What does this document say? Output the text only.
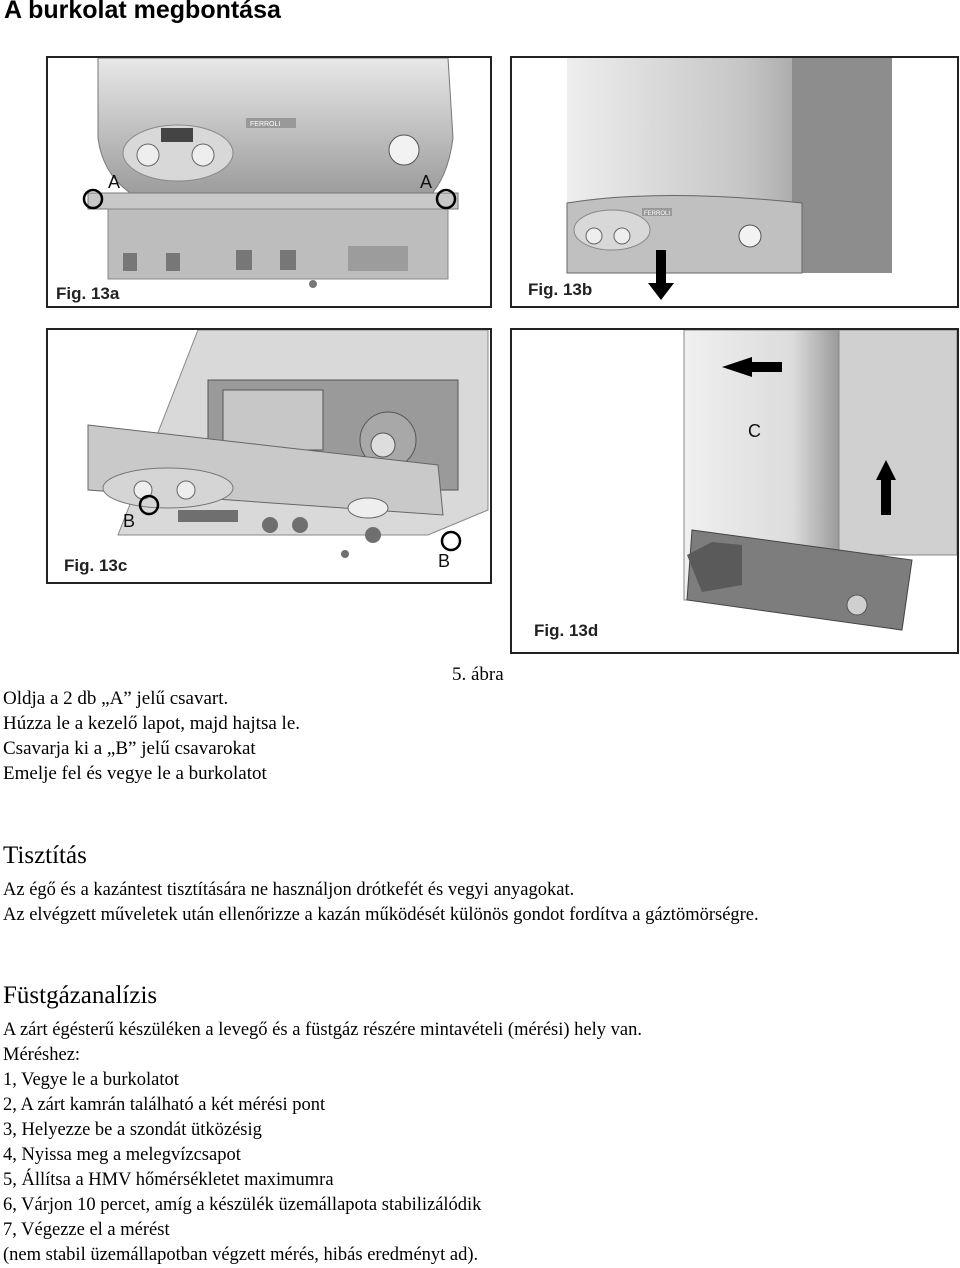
A burkolat megbontása
FERROLI
A	A
Fig. 13a
FERROLI
Fig. 13b
B
B
Fig. 13c
C
Fig. 13d
5. ábra
Oldja a 2 db „A” jelű csavart.
Húzza le a kezelő lapot, majd hajtsa le.
Csavarja ki a „B” jelű csavarokat
Emelje fel és vegye le a burkolatot
Tisztítás
Az égő és a kazántest tisztítására ne használjon drótkefét és vegyi anyagokat.
Az elvégzett műveletek után ellenőrizze a kazán működését különös gondot fordítva a gáztömörségre.
Füstgázanalízis
A zárt égésterű készüléken a levegő és a füstgáz részére mintavételi (mérési) hely van.
Méréshez:
1, Vegye le a burkolatot
2, A zárt kamrán található a két mérési pont
3, Helyezze be a szondát ütközésig
4, Nyissa meg a melegvízcsapot
5, Állítsa a HMV hőmérsékletet maximumra
6, Várjon 10 percet, amíg a készülék üzemállapota stabilizálódik
7, Végezze el a mérést
(nem stabil üzemállapotban végzett mérés, hibás eredményt ad).
